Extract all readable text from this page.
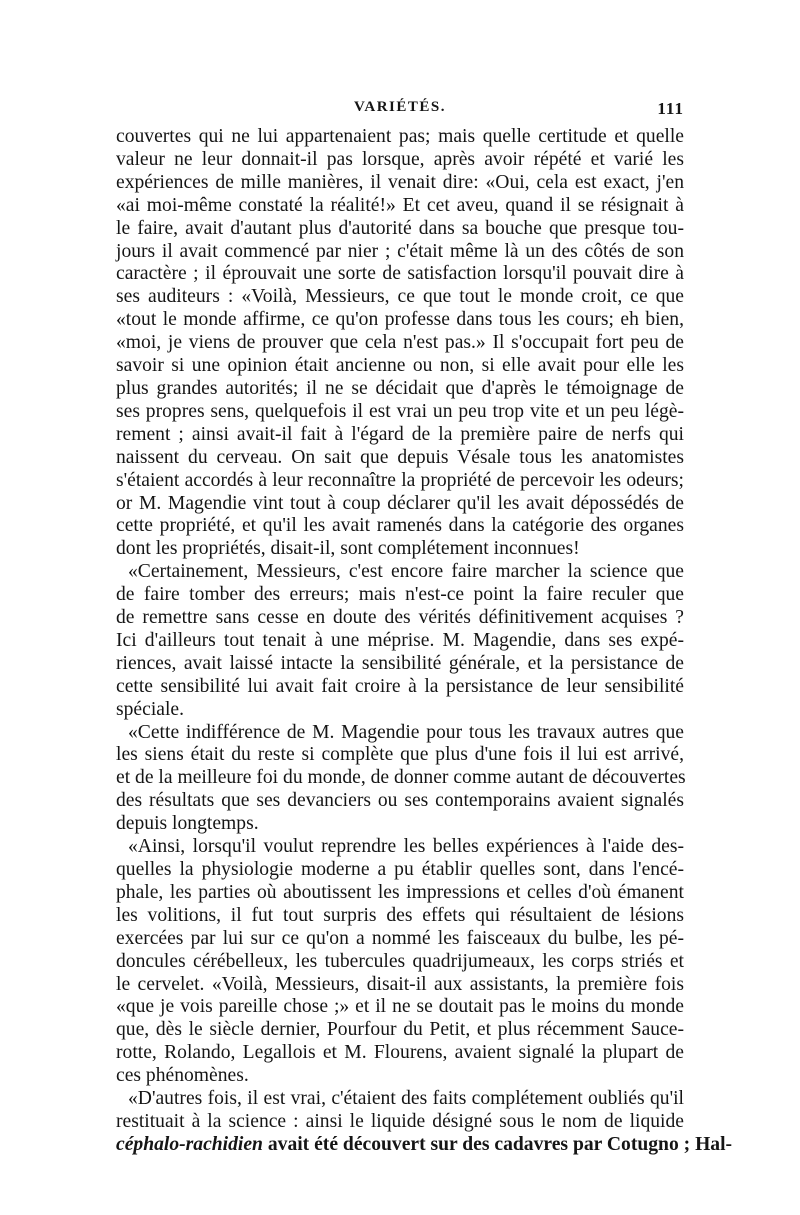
VARIÉTÉS.	111
couvertes qui ne lui appartenaient pas; mais quelle certitude et quelle
valeur ne leur donnait-il pas lorsque, après avoir répété et varié les
expériences de mille manières, il venait dire: «Oui, cela est exact, j'en
«ai moi-même constaté la réalité!» Et cet aveu, quand il se résignait à
le faire, avait d'autant plus d'autorité dans sa bouche que presque tou-
jours il avait commencé par nier ; c'était même là un des côtés de son
caractère ; il éprouvait une sorte de satisfaction lorsqu'il pouvait dire à
ses auditeurs : «Voilà, Messieurs, ce que tout le monde croit, ce que
«tout le monde affirme, ce qu'on professe dans tous les cours; eh bien,
«moi, je viens de prouver que cela n'est pas.» Il s'occupait fort peu de
savoir si une opinion était ancienne ou non, si elle avait pour elle les
plus grandes autorités; il ne se décidait que d'après le témoignage de
ses propres sens, quelquefois il est vrai un peu trop vite et un peu légè-
rement ; ainsi avait-il fait à l'égard de la première paire de nerfs qui
naissent du cerveau. On sait que depuis Vésale tous les anatomistes
s'étaient accordés à leur reconnaître la propriété de percevoir les odeurs;
or M. Magendie vint tout à coup déclarer qu'il les avait dépossédés de
cette propriété, et qu'il les avait ramenés dans la catégorie des organes
dont les propriétés, disait-il, sont complétement inconnues!
«Certainement, Messieurs, c'est encore faire marcher la science que
de faire tomber des erreurs; mais n'est-ce point la faire reculer que
de remettre sans cesse en doute des vérités définitivement acquises ?
Ici d'ailleurs tout tenait à une méprise. M. Magendie, dans ses expé-
riences, avait laissé intacte la sensibilité générale, et la persistance de
cette sensibilité lui avait fait croire à la persistance de leur sensibilité
spéciale.
«Cette indifférence de M. Magendie pour tous les travaux autres que
les siens était du reste si complète que plus d'une fois il lui est arrivé,
et de la meilleure foi du monde, de donner comme autant de découvertes
des résultats que ses devanciers ou ses contemporains avaient signalés
depuis longtemps.
«Ainsi, lorsqu'il voulut reprendre les belles expériences à l'aide des-
quelles la physiologie moderne a pu établir quelles sont, dans l'encé-
phale, les parties où aboutissent les impressions et celles d'où émanent
les volitions, il fut tout surpris des effets qui résultaient de lésions
exercées par lui sur ce qu'on a nommé les faisceaux du bulbe, les pé-
doncules cérébelleux, les tubercules quadrijumeaux, les corps striés et
le cervelet. «Voilà, Messieurs, disait-il aux assistants, la première fois
«que je vois pareille chose ;» et il ne se doutait pas le moins du monde
que, dès le siècle dernier, Pourfour du Petit, et plus récemment Sauce-
rotte, Rolando, Legallois et M. Flourens, avaient signalé la plupart de
ces phénomènes.
«D'autres fois, il est vrai, c'étaient des faits complétement oubliés qu'il
restituait à la science : ainsi le liquide désigné sous le nom de liquide
céphalo-rachidien avait été découvert sur des cadavres par Cotugno ; Hal-
